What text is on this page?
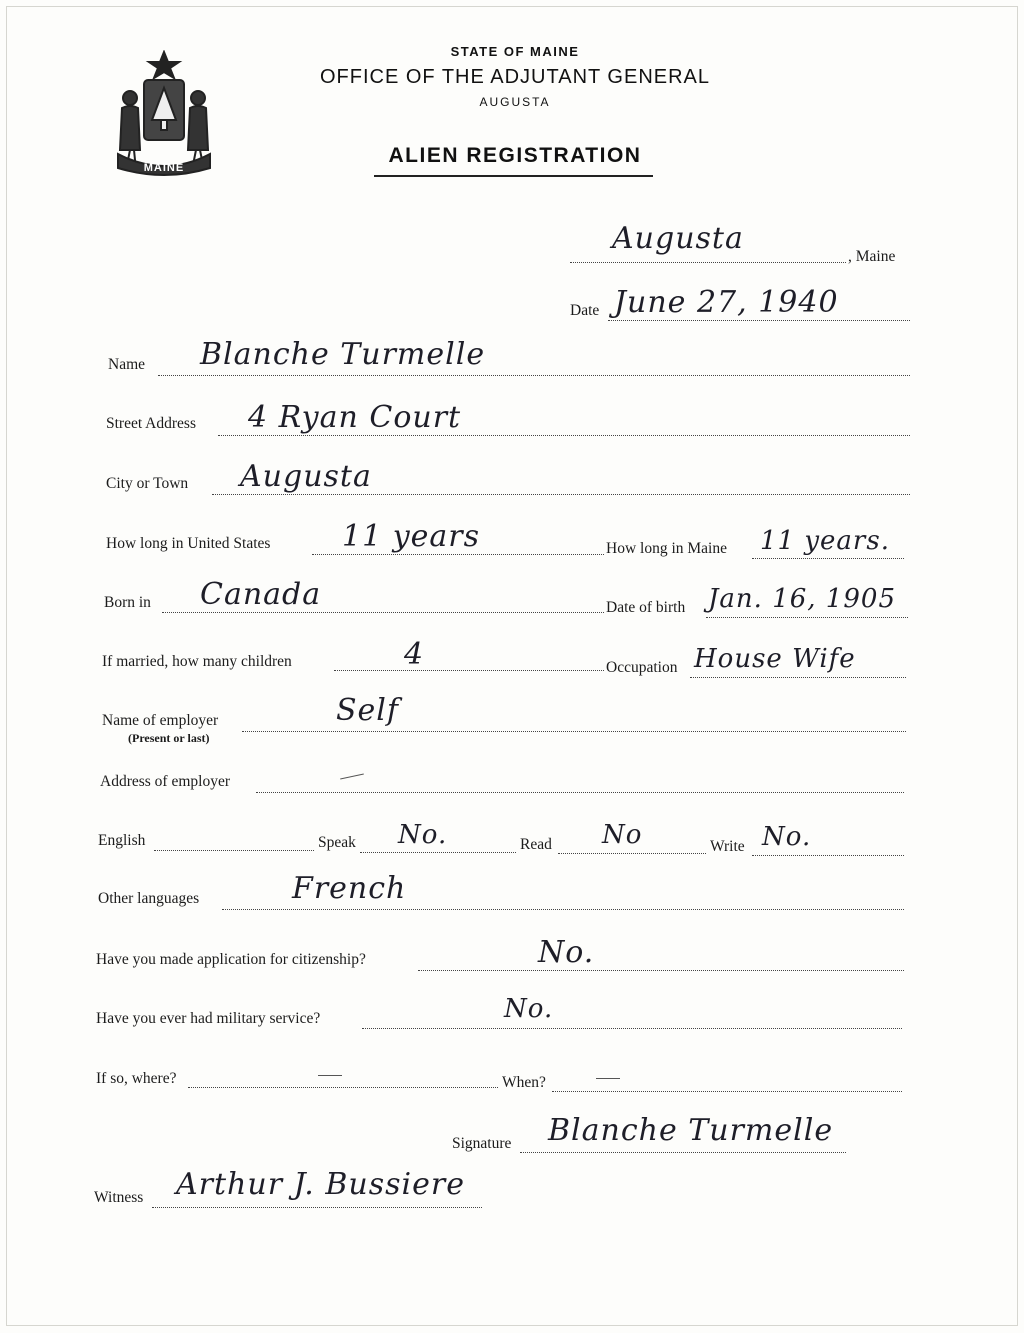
MAINE
STATE OF MAINE
OFFICE OF THE ADJUTANT GENERAL
AUGUSTA
ALIEN REGISTRATION
Augusta
, Maine
Date June 27, 1940
Name Blanche Turmelle
Street Address 4 Ryan Court
City or Town Augusta
How long in United States 11 years	How long in Maine 11 years.
Born in Canada	Date of birth Jan. 16, 1905
If married, how many children	4	Occupation House Wife
Name of employer
(Present or last)
Self
Address of employer
English	Speak No.	Read No	Write No.
Other languages	French
Have you made application for citizenship?	No.
Have you ever had military service?	No.
If so, where?	When?
Signature Blanche Turmelle
Witness Arthur J. Bussiere
